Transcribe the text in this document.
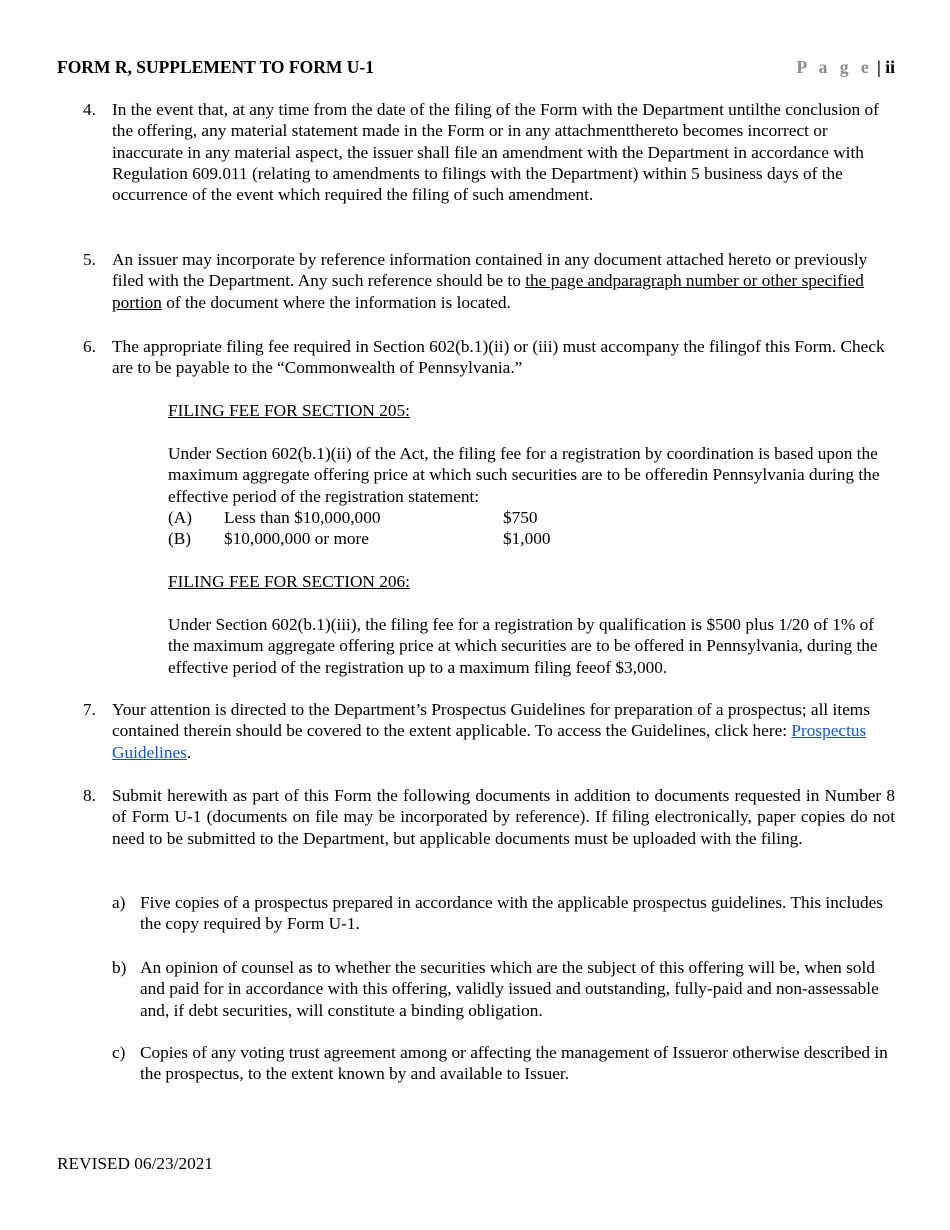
FORM R, SUPPLEMENT TO FORM U-1	P a g e | ii
4. In the event that, at any time from the date of the filing of the Form with the Department untilthe conclusion of the offering, any material statement made in the Form or in any attachmentthereto becomes incorrect or inaccurate in any material aspect, the issuer shall file an amendment with the Department in accordance with Regulation 609.011 (relating to amendments to filings with the Department) within 5 business days of the occurrence of the event which required the filing of such amendment.
5. An issuer may incorporate by reference information contained in any document attached hereto or previously filed with the Department. Any such reference should be to the page andparagraph number or other specified portion of the document where the information is located.
6. The appropriate filing fee required in Section 602(b.1)(ii) or (iii) must accompany the filingof this Form. Check are to be payable to the “Commonwealth of Pennsylvania.”
FILING FEE FOR SECTION 205:
Under Section 602(b.1)(ii) of the Act, the filing fee for a registration by coordination is based upon the maximum aggregate offering price at which such securities are to be offeredin Pennsylvania during the effective period of the registration statement:
(A) Less than $10,000,000	$750
(B) $10,000,000 or more	$1,000
FILING FEE FOR SECTION 206:
Under Section 602(b.1)(iii), the filing fee for a registration by qualification is $500 plus 1/20 of 1% of the maximum aggregate offering price at which securities are to be offered in Pennsylvania, during the effective period of the registration up to a maximum filing feeof $3,000.
7. Your attention is directed to the Department’s Prospectus Guidelines for preparation of a prospectus; all items contained therein should be covered to the extent applicable. To access the Guidelines, click here: Prospectus Guidelines.
8. Submit herewith as part of this Form the following documents in addition to documents requested in Number 8 of Form U-1 (documents on file may be incorporated by reference). If filing electronically, paper copies do not need to be submitted to the Department, but applicable documents must be uploaded with the filing.
a) Five copies of a prospectus prepared in accordance with the applicable prospectus guidelines. This includes the copy required by Form U-1.
b) An opinion of counsel as to whether the securities which are the subject of this offering will be, when sold and paid for in accordance with this offering, validly issued and outstanding, fully-paid and non-assessable and, if debt securities, will constitute a binding obligation.
c) Copies of any voting trust agreement among or affecting the management of Issueror otherwise described in the prospectus, to the extent known by and available to Issuer.
REVISED 06/23/2021
